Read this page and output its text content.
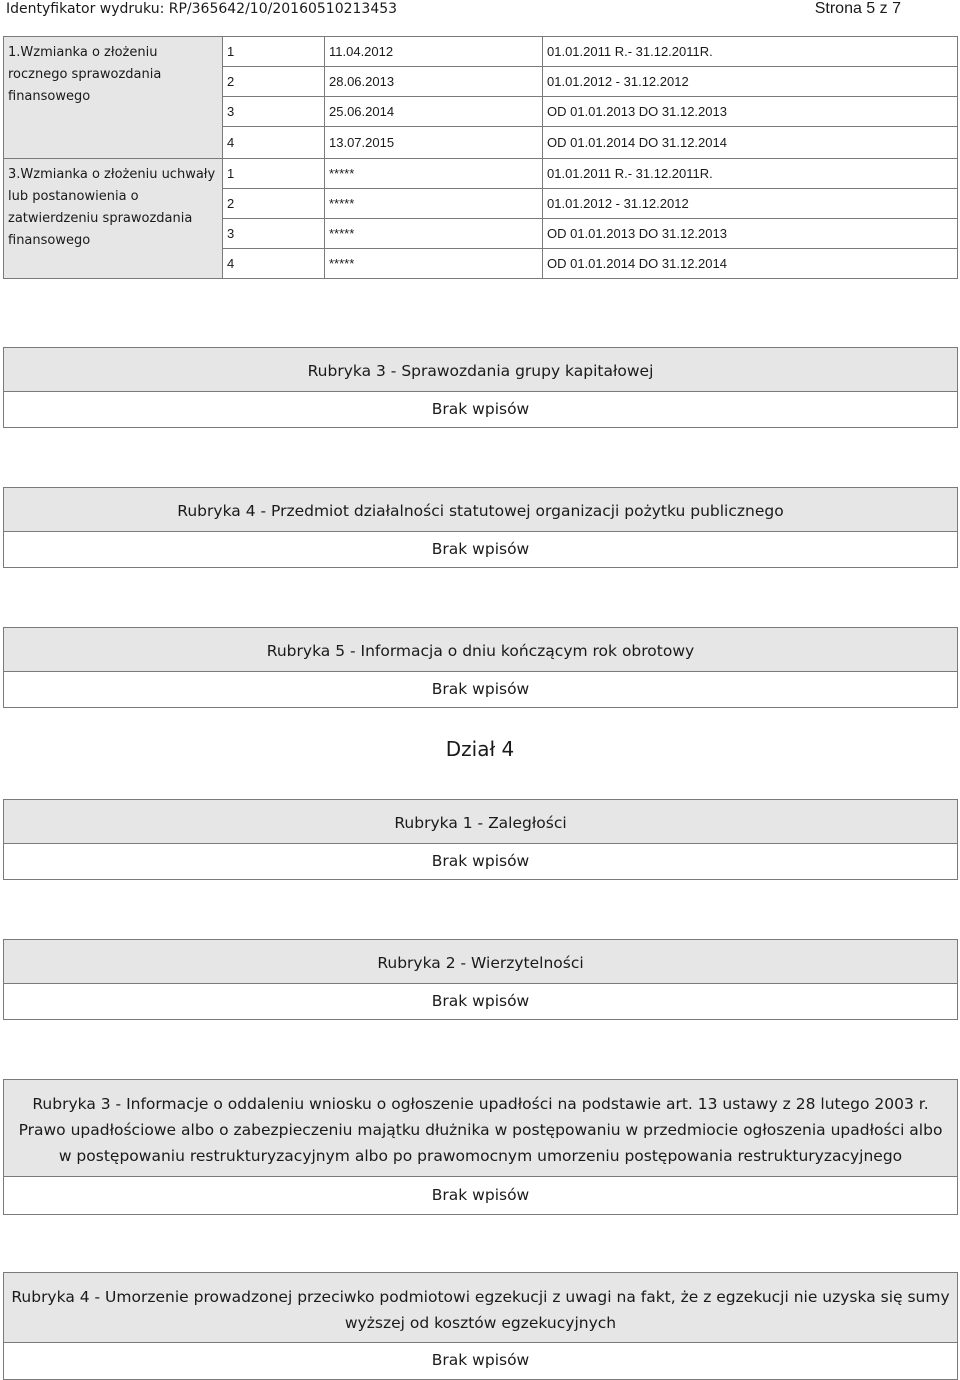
Identyfikator wydruku: RP/365642/10/20160510213453	Strona 5 z 7
1.Wzmianka o złożeniu rocznego sprawozdania finansowego	1	11.04.2012	01.01.2011 R.- 31.12.2011R.
	2	28.06.2013	01.01.2012 - 31.12.2012
	3	25.06.2014	OD 01.01.2013 DO 31.12.2013
	4	13.07.2015	OD 01.01.2014 DO 31.12.2014
3.Wzmianka o złożeniu uchwały lub postanowienia o zatwierdzeniu sprawozdania finansowego	1	*****	01.01.2011 R.- 31.12.2011R.
	2	*****	01.01.2012 - 31.12.2012
	3	*****	OD 01.01.2013 DO 31.12.2013
	4	*****	OD 01.01.2014 DO 31.12.2014
Rubryka 3 - Sprawozdania grupy kapitałowej
Brak wpisów
Rubryka 4 - Przedmiot działalności statutowej organizacji pożytku publicznego
Brak wpisów
Rubryka 5 - Informacja o dniu kończącym rok obrotowy
Brak wpisów
Dział 4
Rubryka 1 - Zaległości
Brak wpisów
Rubryka 2 - Wierzytelności
Brak wpisów
Rubryka 3 - Informacje o oddaleniu wniosku o ogłoszenie upadłości na podstawie art. 13 ustawy z 28 lutego 2003 r. Prawo upadłościowe albo o zabezpieczeniu majątku dłużnika w postępowaniu w przedmiocie ogłoszenia upadłości albo w postępowaniu restrukturyzacyjnym albo po prawomocnym umorzeniu postępowania restrukturyzacyjnego
Brak wpisów
Rubryka 4 - Umorzenie prowadzonej przeciwko podmiotowi egzekucji z uwagi na fakt, że z egzekucji nie uzyska się sumy wyższej od kosztów egzekucyjnych
Brak wpisów
